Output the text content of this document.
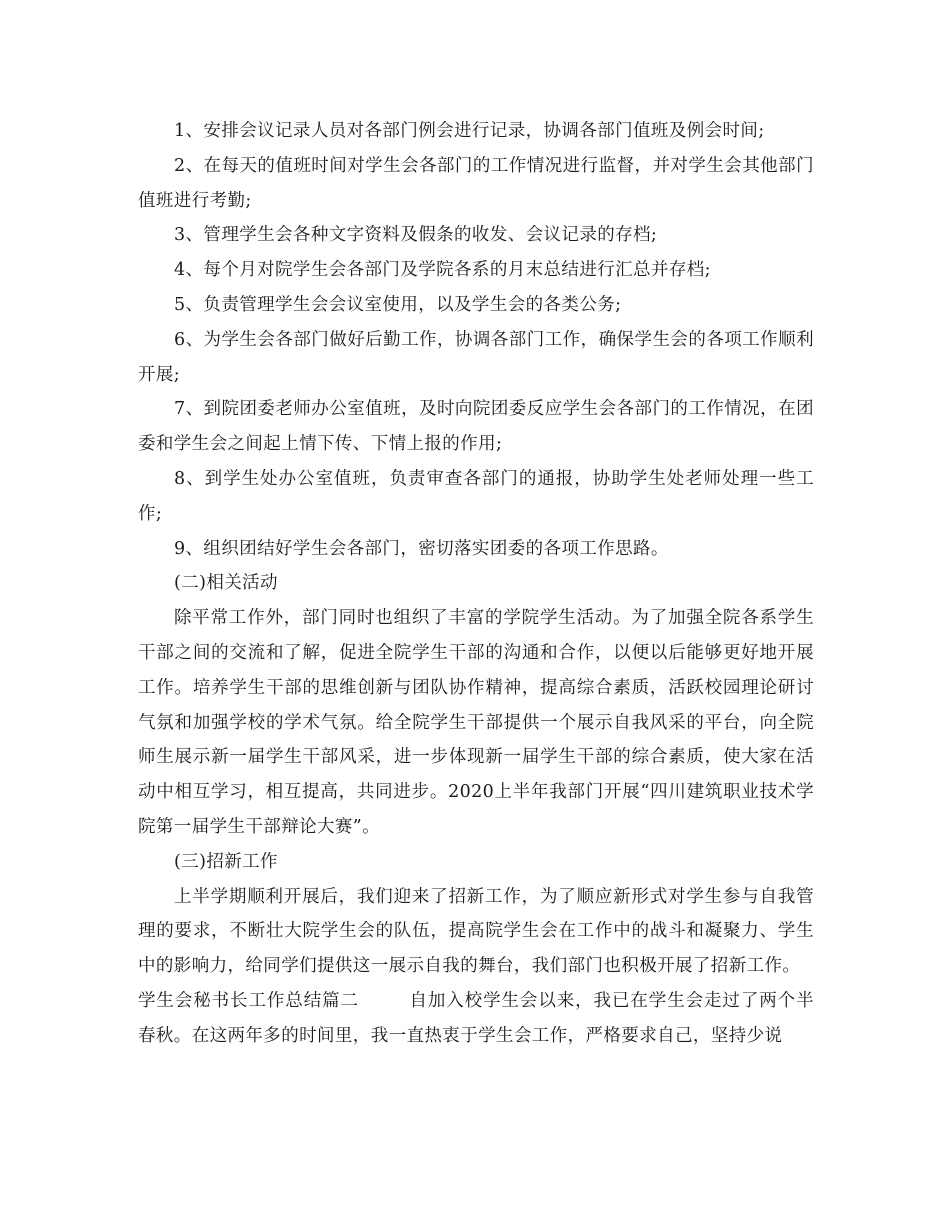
1、安排会议记录人员对各部门例会进行记录，协调各部门值班及例会时间;

2、在每天的值班时间对学生会各部门的工作情况进行监督，并对学生会其他部门值班进行考勤;

3、管理学生会各种文字资料及假条的收发、会议记录的存档;

4、每个月对院学生会各部门及学院各系的月末总结进行汇总并存档;

5、负责管理学生会会议室使用，以及学生会的各类公务;

6、为学生会各部门做好后勤工作，协调各部门工作，确保学生会的各项工作顺利开展;

7、到院团委老师办公室值班，及时向院团委反应学生会各部门的工作情况，在团委和学生会之间起上情下传、下情上报的作用;

8、到学生处办公室值班，负责审查各部门的通报，协助学生处老师处理一些工作;

9、组织团结好学生会各部门，密切落实团委的各项工作思路。

(二)相关活动

除平常工作外，部门同时也组织了丰富的学院学生活动。为了加强全院各系学生干部之间的交流和了解，促进全院学生干部的沟通和合作，以便以后能够更好地开展工作。培养学生干部的思维创新与团队协作精神，提高综合素质，活跃校园理论研讨气氛和加强学校的学术气氛。给全院学生干部提供一个展示自我风采的平台，向全院师生展示新一届学生干部风采，进一步体现新一届学生干部的综合素质，使大家在活动中相互学习，相互提高，共同进步。2020上半年我部门开展“四川建筑职业技术学院第一届学生干部辩论大赛”。

(三)招新工作

上半学期顺利开展后，我们迎来了招新工作，为了顺应新形式对学生参与自我管理的要求，不断壮大院学生会的队伍，提高院学生会在工作中的战斗和凝聚力、学生中的影响力，给同学们提供这一展示自我的舞台，我们部门也积极开展了招新工作。

学生会秘书长工作总结篇二	自加入校学生会以来，我已在学生会走过了两个半春秋。在这两年多的时间里，我一直热衷于学生会工作，严格要求自己，坚持少说
